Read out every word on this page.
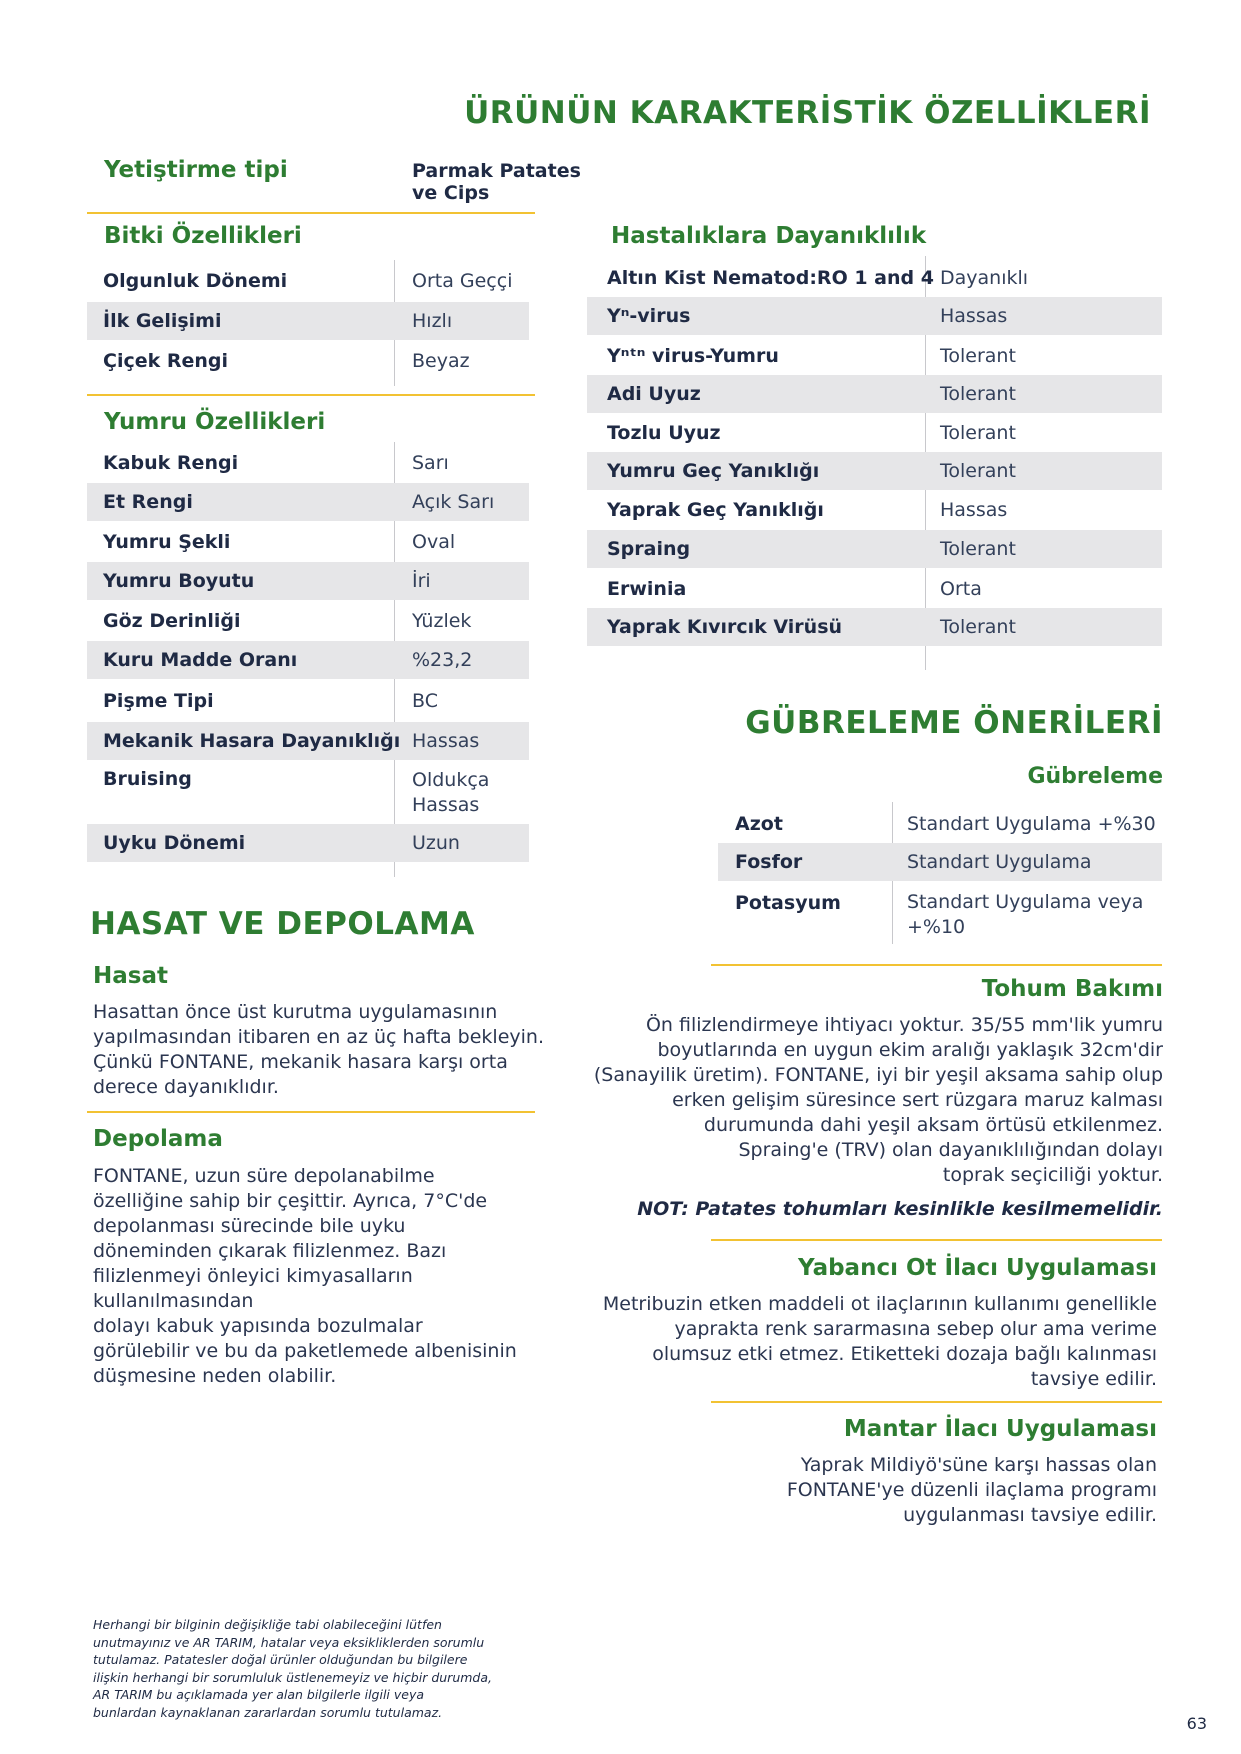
ÜRÜNÜN KARAKTERİSTİK ÖZELLİKLERİ
Yetiştirme tipi	Parmak Patates
ve Cips
Bitki Özellikleri
Olgunluk Dönemi	Orta Geççi
İlk Gelişimi	Hızlı
Çiçek Rengi	Beyaz
Yumru Özellikleri
Kabuk Rengi	Sarı
Et Rengi	Açık Sarı
Yumru Şekli	Oval
Yumru Boyutu	İri
Göz Derinliği	Yüzlek
Kuru Madde Oranı	%23,2
Pişme Tipi	BC
Mekanik Hasara Dayanıklığı Hassas
Bruising	Oldukça
Hassas
Uyku Dönemi	Uzun
Hastalıklara Dayanıklılık
Altın Kist Nematod:RO 1 and 4 Dayanıklı
Yⁿ-virus	Hassas
Yⁿᵗⁿ virus-Yumru	Tolerant
Adi Uyuz	Tolerant
Tozlu Uyuz	Tolerant
Yumru Geç Yanıklığı	Tolerant
Yaprak Geç Yanıklığı	Hassas
Spraing	Tolerant
Erwinia	Orta
Yaprak Kıvırcık Virüsü	Tolerant
GÜBRELEME ÖNERİLERİ
Gübreleme
Azot	Standart Uygulama +%30
Fosfor	Standart Uygulama
Potasyum	Standart Uygulama veya
+%10
HASAT VE DEPOLAMA
Hasat
Hasattan önce üst kurutma uygulamasının
yapılmasından itibaren en az üç hafta bekleyin.
Çünkü FONTANE, mekanik hasara karşı orta
derece dayanıklıdır.
Depolama
FONTANE, uzun süre depolanabilme
özelliğine sahip bir çeşittir. Ayrıca, 7°C'de
depolanması sürecinde bile uyku
döneminden çıkarak filizlenmez. Bazı
filizlenmeyi önleyici kimyasalların kullanılmasından
dolayı kabuk yapısında bozulmalar
görülebilir ve bu da paketlemede albenisinin
düşmesine neden olabilir.
Tohum Bakımı
Ön filizlendirmeye ihtiyacı yoktur. 35/55 mm'lik yumru
boyutlarında en uygun ekim aralığı yaklaşık 32cm'dir
(Sanayilik üretim). FONTANE, iyi bir yeşil aksama sahip olup
erken gelişim süresince sert rüzgara maruz kalması
durumunda dahi yeşil aksam örtüsü etkilenmez.
Spraing'e (TRV) olan dayanıklılığından dolayı
toprak seçiciliği yoktur.
NOT: Patates tohumları kesinlikle kesilmemelidir.
Yabancı Ot İlacı Uygulaması
Metribuzin etken maddeli ot ilaçlarının kullanımı genellikle
yaprakta renk sararmasına sebep olur ama verime
olumsuz etki etmez. Etiketteki dozaja bağlı kalınması
tavsiye edilir.
Mantar İlacı Uygulaması
Yaprak Mildiyö'süne karşı hassas olan
FONTANE'ye düzenli ilaçlama programı
uygulanması tavsiye edilir.
Herhangi bir bilginin değişikliğe tabi olabileceğini lütfen
unutmayınız ve AR TARIM, hatalar veya eksikliklerden sorumlu
tutulamaz. Patatesler doğal ürünler olduğundan bu bilgilere
ilişkin herhangi bir sorumluluk üstlenemeyiz ve hiçbir durumda,
AR TARIM bu açıklamada yer alan bilgilerle ilgili veya
bunlardan kaynaklanan zararlardan sorumlu tutulamaz.
63
